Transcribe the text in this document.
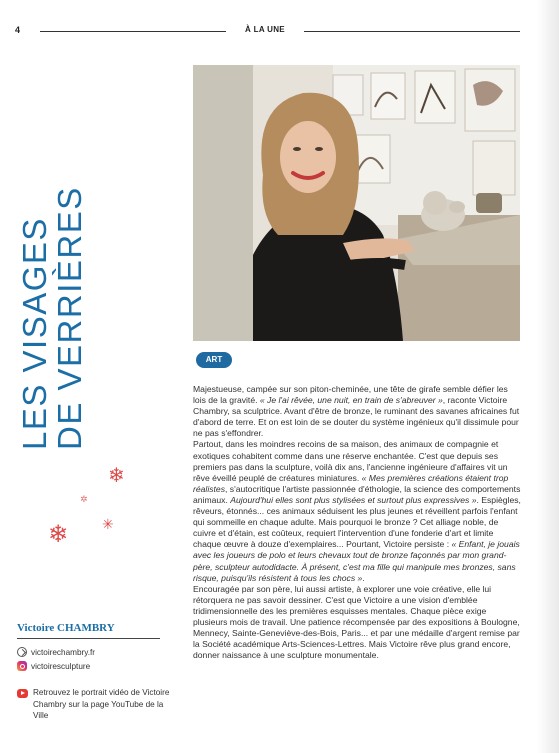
4	À LA UNE
LES VISAGES
DE VERRIÈRES
❄
✲
✳
❄
ART

Majestueuse, campée sur son piton-cheminée, une tête de girafe semble défier les lois de la gravité. « Je l'ai rêvée, une nuit, en train de s'abreuver », raconte Victoire Chambry, sa sculptrice. Avant d'être de bronze, le ruminant des savanes africaines fut d'abord de terre. Et on est loin de se douter du système ingénieux qu'il dissimule pour ne pas s'effondrer.

Partout, dans les moindres recoins de sa maison, des animaux de compagnie et exotiques cohabitent comme dans une réserve enchantée. C'est que depuis ses premiers pas dans la sculpture, voilà dix ans, l'ancienne ingénieure d'affaires vit un rêve éveillé peuplé de créatures miniatures. « Mes premières créations étaient trop réalistes, s'autocritique l'artiste passionnée d'éthologie, la science des comportements animaux. Aujourd'hui elles sont plus stylisées et surtout plus expressives ». Espiègles, rêveurs, étonnés... ces animaux séduisent les plus jeunes et réveillent parfois l'enfant qui sommeille en chaque adulte. Mais pourquoi le bronze ? Cet alliage noble, de cuivre et d'étain, est coûteux, requiert l'intervention d'une fonderie d'art et limite chaque œuvre à douze d'exemplaires... Pourtant, Victoire persiste : « Enfant, je jouais avec les joueurs de polo et leurs chevaux tout de bronze façonnés par mon grand-père, sculpteur autodidacte. À présent, c'est ma fille qui manipule mes bronzes, sans risque, puisqu'ils résistent à tous les chocs ».

Encouragée par son père, lui aussi artiste, à explorer une voie créative, elle lui rétorquera ne pas savoir dessiner. C'est que Victoire a une vision d'emblée tridimensionnelle des les premières esquisses mentales. Chaque pièce exige plusieurs mois de travail. Une patience récompensée par des expositions à Boulogne, Mennecy, Sainte-Geneviève-des-Bois, Paris... et par une médaille d'argent remise par la Société académique Arts-Sciences-Lettres. Mais Victoire rêve plus grand encore, donner naissance à une sculpture monumentale.

Victoire CHAMBRY
victoirechambry.fr
victoiresculpture
Retrouvez le portrait vidéo de Victoire Chambry sur la page YouTube de la Ville
